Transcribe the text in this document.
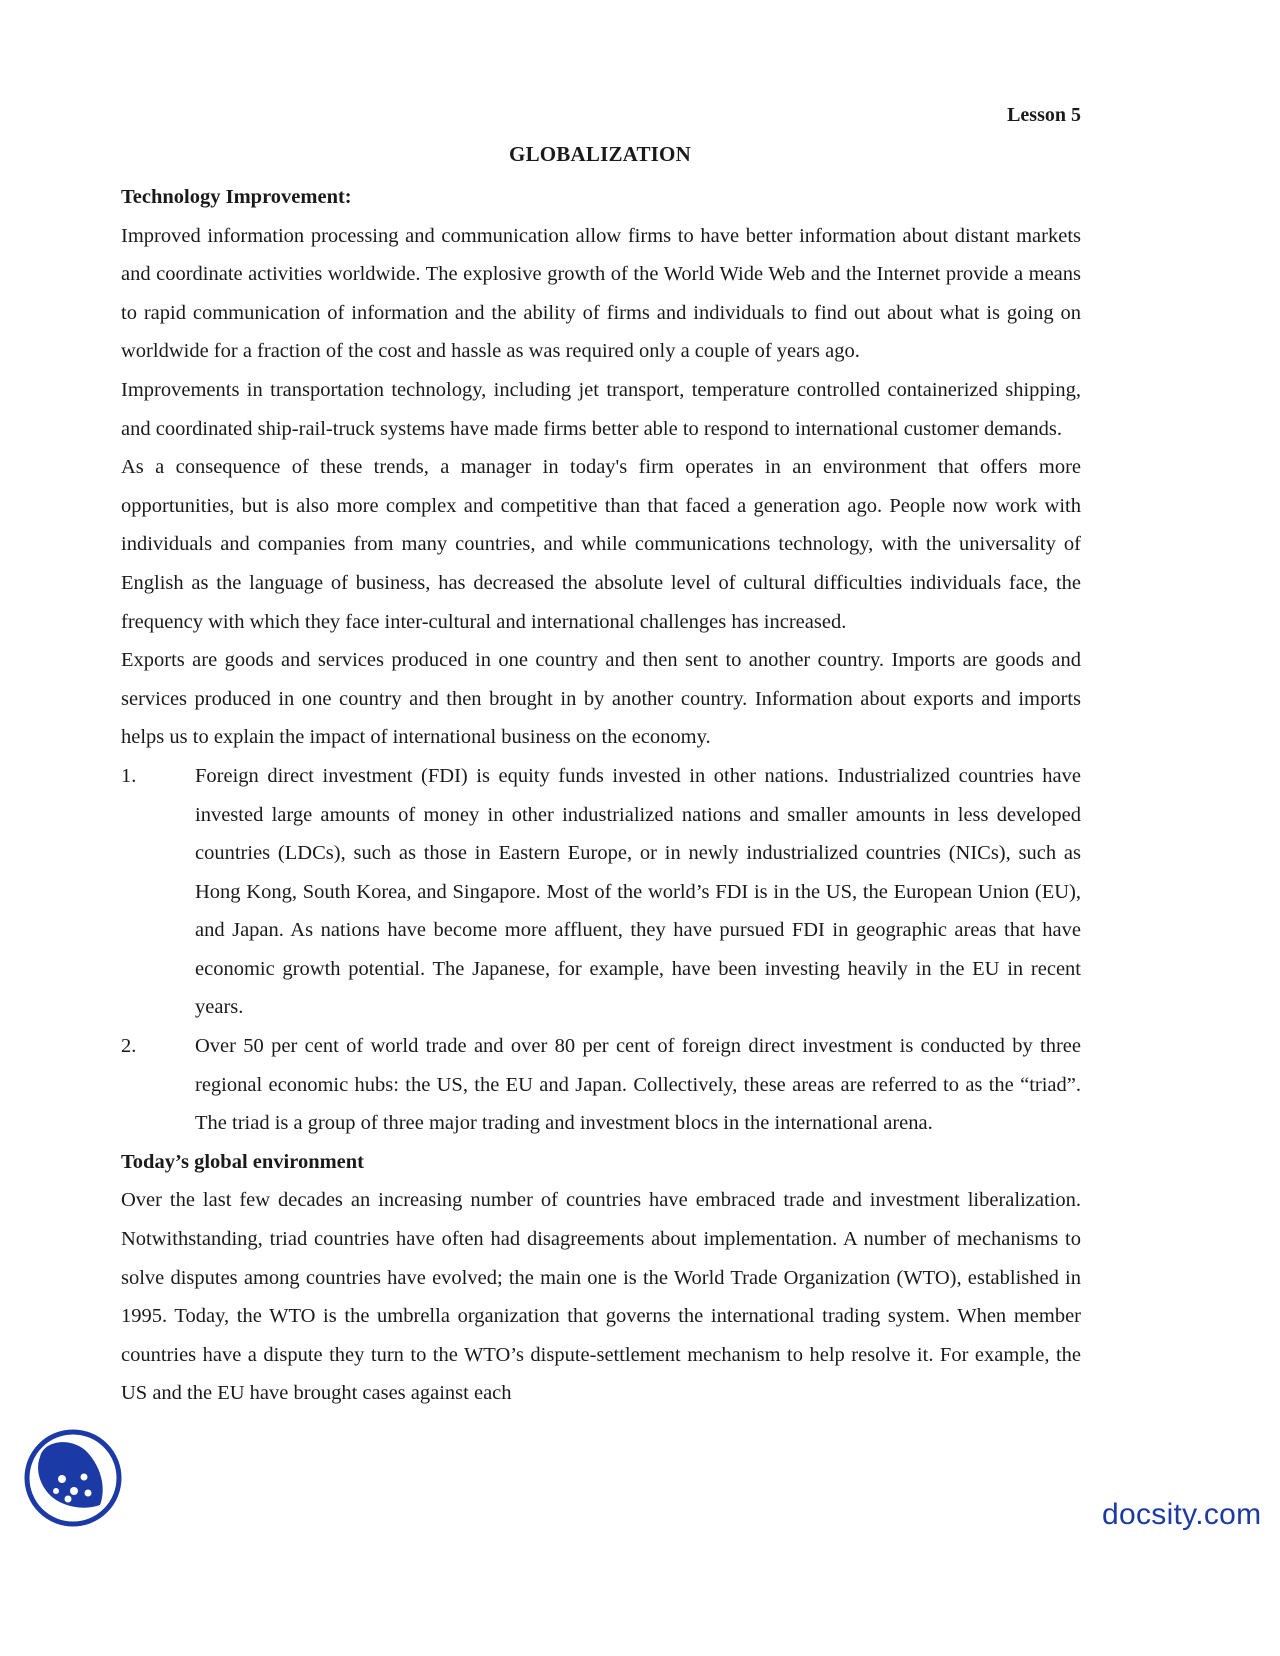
Lesson 5
GLOBALIZATION

Technology Improvement:

Improved information processing and communication allow firms to have better information about distant markets and coordinate activities worldwide. The explosive growth of the World Wide Web and the Internet provide a means to rapid communication of information and the ability of firms and individuals to find out about what is going on worldwide for a fraction of the cost and hassle as was required only a couple of years ago.

Improvements in transportation technology, including jet transport, temperature controlled containerized shipping, and coordinated ship-rail-truck systems have made firms better able to respond to international customer demands.

As a consequence of these trends, a manager in today's firm operates in an environment that offers more opportunities, but is also more complex and competitive than that faced a generation ago. People now work with individuals and companies from many countries, and while communications technology, with the universality of English as the language of business, has decreased the absolute level of cultural difficulties individuals face, the frequency with which they face inter-cultural and international challenges has increased.

Exports are goods and services produced in one country and then sent to another country. Imports are goods and services produced in one country and then brought in by another country. Information about exports and imports helps us to explain the impact of international business on the economy.

1.	Foreign direct investment (FDI) is equity funds invested in other nations. Industrialized countries have invested large amounts of money in other industrialized nations and smaller amounts in less developed countries (LDCs), such as those in Eastern Europe, or in newly industrialized countries (NICs), such as Hong Kong, South Korea, and Singapore. Most of the world’s FDI is in the US, the European Union (EU), and Japan. As nations have become more affluent, they have pursued FDI in geographic areas that have economic growth potential. The Japanese, for example, have been investing heavily in the EU in recent years.

2.	Over 50 per cent of world trade and over 80 per cent of foreign direct investment is conducted by three regional economic hubs: the US, the EU and Japan. Collectively, these areas are referred to as the “triad”. The triad is a group of three major trading and investment blocs in the international arena.

Today’s global environment

Over the last few decades an increasing number of countries have embraced trade and investment liberalization. Notwithstanding, triad countries have often had disagreements about implementation. A number of mechanisms to solve disputes among countries have evolved; the main one is the World Trade Organization (WTO), established in 1995. Today, the WTO is the umbrella organization that governs the international trading system. When member countries have a dispute they turn to the WTO’s dispute-settlement mechanism to help resolve it. For example, the US and the EU have brought cases against each

docsity.com
